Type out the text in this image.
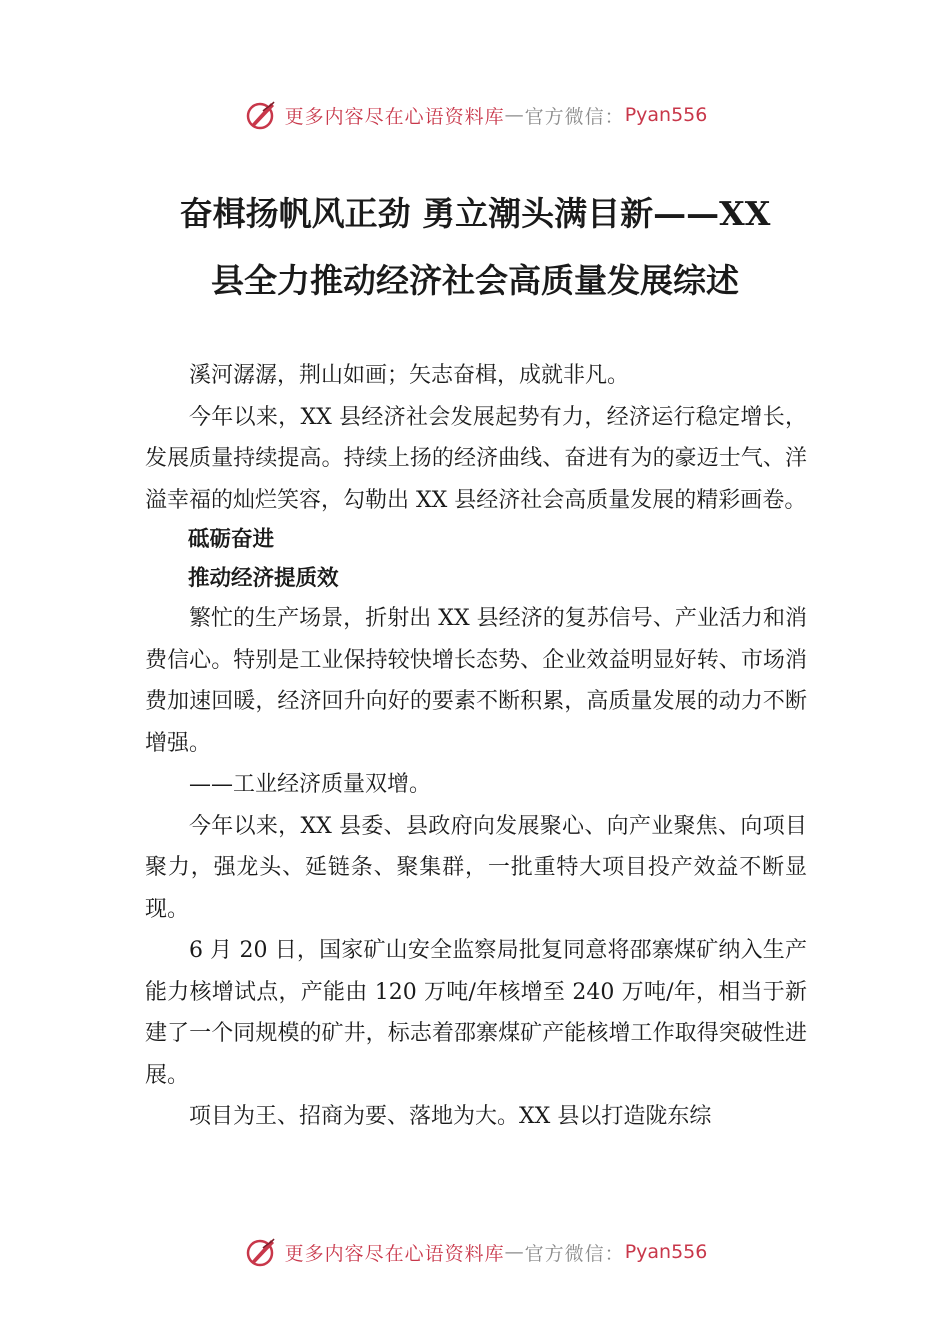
更多内容尽在心语资料库 — 官方微信： Pyan556
奋楫扬帆风正劲 勇立潮头满目新——XX
县全力推动经济社会高质量发展综述

溪河潺潺，荆山如画；矢志奋楫，成就非凡。

今年以来，XX 县经济社会发展起势有力，经济运行稳定增长，发展质量持续提高。持续上扬的经济曲线、奋进有为的豪迈士气、洋溢幸福的灿烂笑容，勾勒出 XX 县经济社会高质量发展的精彩画卷。

砥砺奋进

推动经济提质效

繁忙的生产场景，折射出 XX 县经济的复苏信号、产业活力和消费信心。特别是工业保持较快增长态势、企业效益明显好转、市场消费加速回暖，经济回升向好的要素不断积累，高质量发展的动力不断增强。

——工业经济质量双增。

今年以来，XX 县委、县政府向发展聚心、向产业聚焦、向项目聚力，强龙头、延链条、聚集群，一批重特大项目投产效益不断显现。

6 月 20 日，国家矿山安全监察局批复同意将邵寨煤矿纳入生产能力核增试点，产能由 120 万吨/年核增至 240 万吨/年，相当于新建了一个同规模的矿井，标志着邵寨煤矿产能核增工作取得突破性进展。

项目为王、招商为要、落地为大。XX 县以打造陇东综

更多内容尽在心语资料库 — 官方微信： Pyan556
